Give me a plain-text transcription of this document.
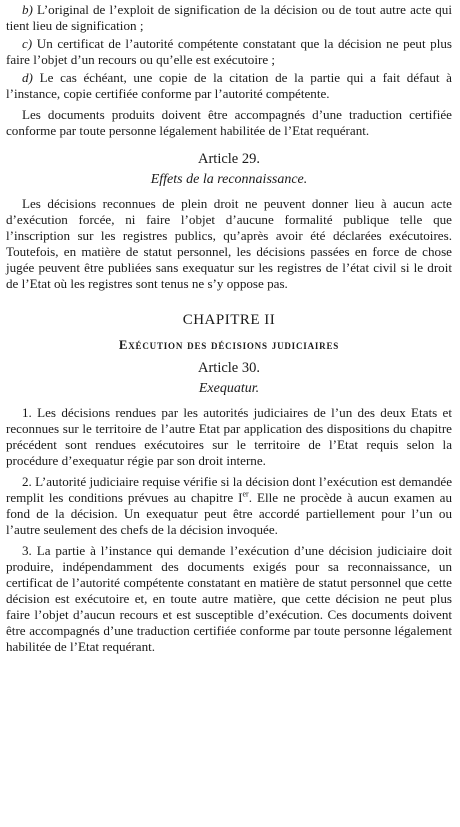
b) L’original de l’exploit de signification de la décision ou de tout autre acte qui tient lieu de signification ;

c) Un certificat de l’autorité compétente constatant que la décision ne peut plus faire l’objet d’un recours ou qu’elle est exécutoire ;

d) Le cas échéant, une copie de la citation de la partie qui a fait défaut à l’instance, copie certifiée conforme par l’autorité compétente.

Les documents produits doivent être accompagnés d’une traduction certifiée conforme par toute personne légalement habilitée de l’Etat requérant.

Article 29.
Effets de la reconnaissance.

Les décisions reconnues de plein droit ne peuvent donner lieu à aucun acte d’exécution forcée, ni faire l’objet d’aucune formalité publique telle que l’inscription sur les registres publics, qu’après avoir été déclarées exécutoires. Toutefois, en matière de statut personnel, les décisions passées en force de chose jugée peuvent être publiées sans exequatur sur les registres de l’état civil si le droit de l’Etat où les registres sont tenus ne s’y oppose pas.

CHAPITRE II
Exécution des décisions judiciaires
Article 30.
Exequatur.

1. Les décisions rendues par les autorités judiciaires de l’un des deux Etats et reconnues sur le territoire de l’autre Etat par application des dispositions du chapitre précédent sont rendues exécutoires sur le territoire de l’Etat requis selon la procédure d’exequatur régie par son droit interne.

2. L’autorité judiciaire requise vérifie si la décision dont l’exécution est demandée remplit les conditions prévues au chapitre Ier. Elle ne procède à aucun examen au fond de la décision. Un exequatur peut être accordé partiellement pour l’un ou l’autre seulement des chefs de la décision invoquée.

3. La partie à l’instance qui demande l’exécution d’une décision judiciaire doit produire, indépendamment des documents exigés pour sa reconnaissance, un certificat de l’autorité compétente constatant en matière de statut personnel que cette décision est exécutoire et, en toute autre matière, que cette décision ne peut plus faire l’objet d’aucun recours et est susceptible d’exécution. Ces documents doivent être accompagnés d’une traduction certifiée conforme par toute personne légalement habilitée de l’Etat requérant.
